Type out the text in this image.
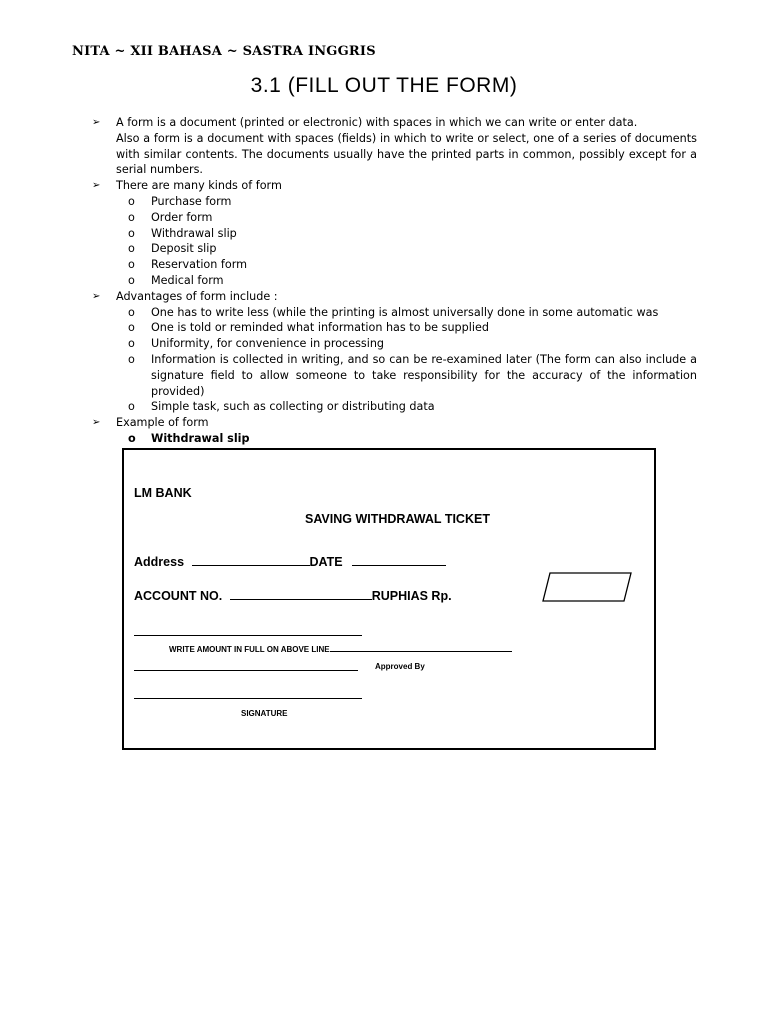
NITA ~ XII BAHASA ~ SASTRA INGGRIS
3.1 (FILL OUT THE FORM)
➢ A form is a document (printed or electronic) with spaces in which we can write or enter data.
Also a form is a document with spaces (fields) in which to write or select, one of a series of documents with similar contents. The documents usually have the printed parts in common, possibly except for a serial numbers.
➢ There are many kinds of form
o Purchase form
o Order form
o Withdrawal slip
o Deposit slip
o Reservation form
o Medical form
➢ Advantages of form include :
o One has to write less (while the printing is almost universally done in some automatic was
o One is told or reminded what information has to be supplied
o Uniformity, for convenience in processing
o Information is collected in writing, and so can be re-examined later (The form can also include a signature field to allow someone to take responsibility for the accuracy of the information provided)
o Simple task, such as collecting or distributing data
➢ Example of form
o Withdrawal slip
LM BANK
SAVING WITHDRAWAL TICKET
Address	DATE
ACCOUNT NO.	RUPHIAS Rp.
WRITE AMOUNT IN FULL ON ABOVE LINE
Approved By
SIGNATURE
